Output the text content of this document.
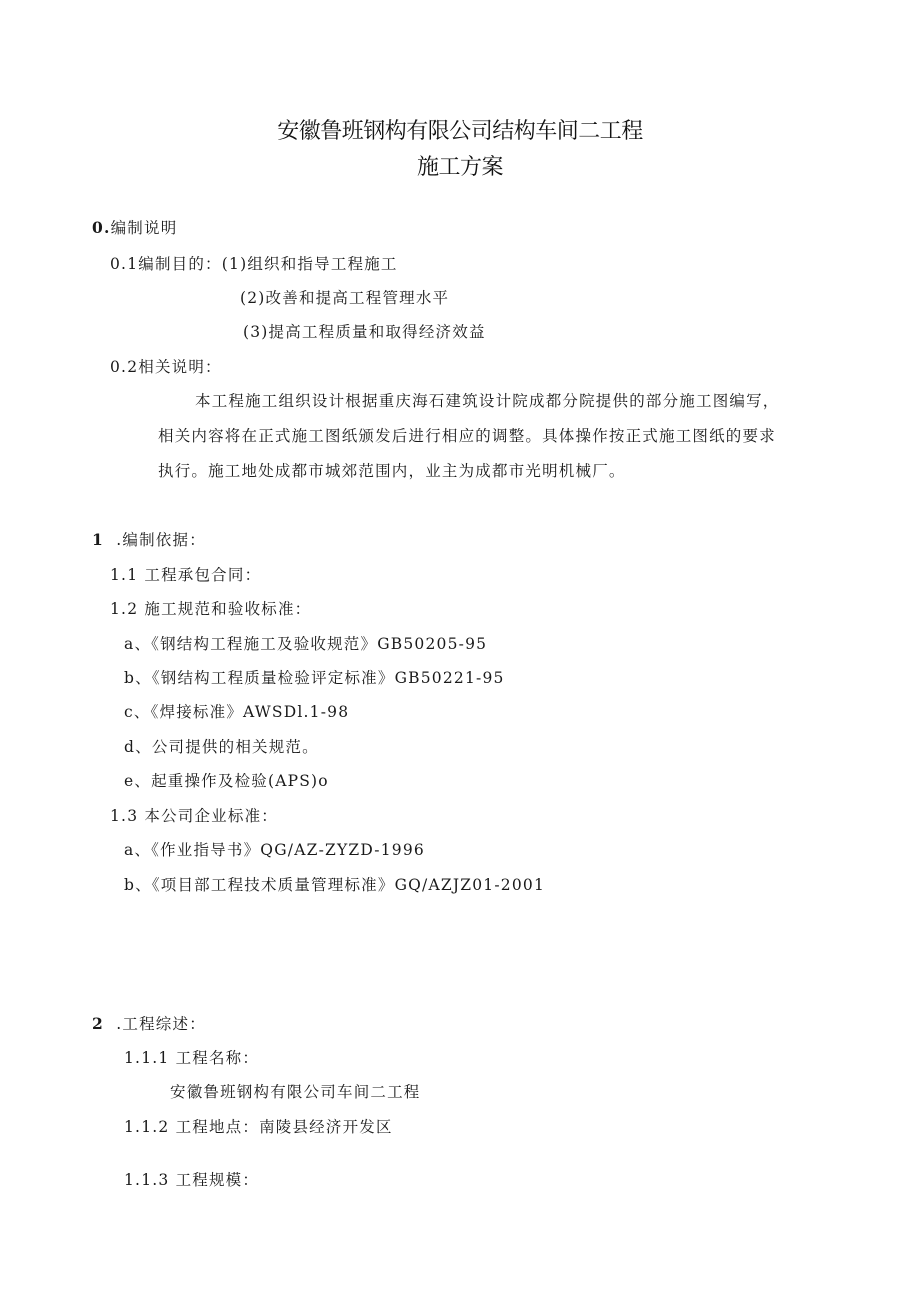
安徽鲁班钢构有限公司结构车间二工程
施工方案
0.编制说明
0.1编制目的：(1)组织和指导工程施工
(2)改善和提高工程管理水平
(3)提高工程质量和取得经济效益
0.2相关说明：
本工程施工组织设计根据重庆海石建筑设计院成都分院提供的部分施工图编写，
相关内容将在正式施工图纸颁发后进行相应的调整。具体操作按正式施工图纸的要求
执行。施工地处成都市城郊范围内，业主为成都市光明机械厂。
1 .编制依据：
1.1 工程承包合同：
1.2 施工规范和验收标准：
a、《钢结构工程施工及验收规范》GB50205-95
b、《钢结构工程质量检验评定标准》GB50221-95
c、《焊接标准》AWSDl.1-98
d、公司提供的相关规范。
e、起重操作及检验(APS)o
1.3 本公司企业标准：
a、《作业指导书》QG/AZ-ZYZD-1996
b、《项目部工程技术质量管理标准》GQ/AZJZ01-2001
2 .工程综述：
1.1.1 工程名称：
安徽鲁班钢构有限公司车间二工程
1.1.2 工程地点：南陵县经济开发区
1.1.3 工程规模：
